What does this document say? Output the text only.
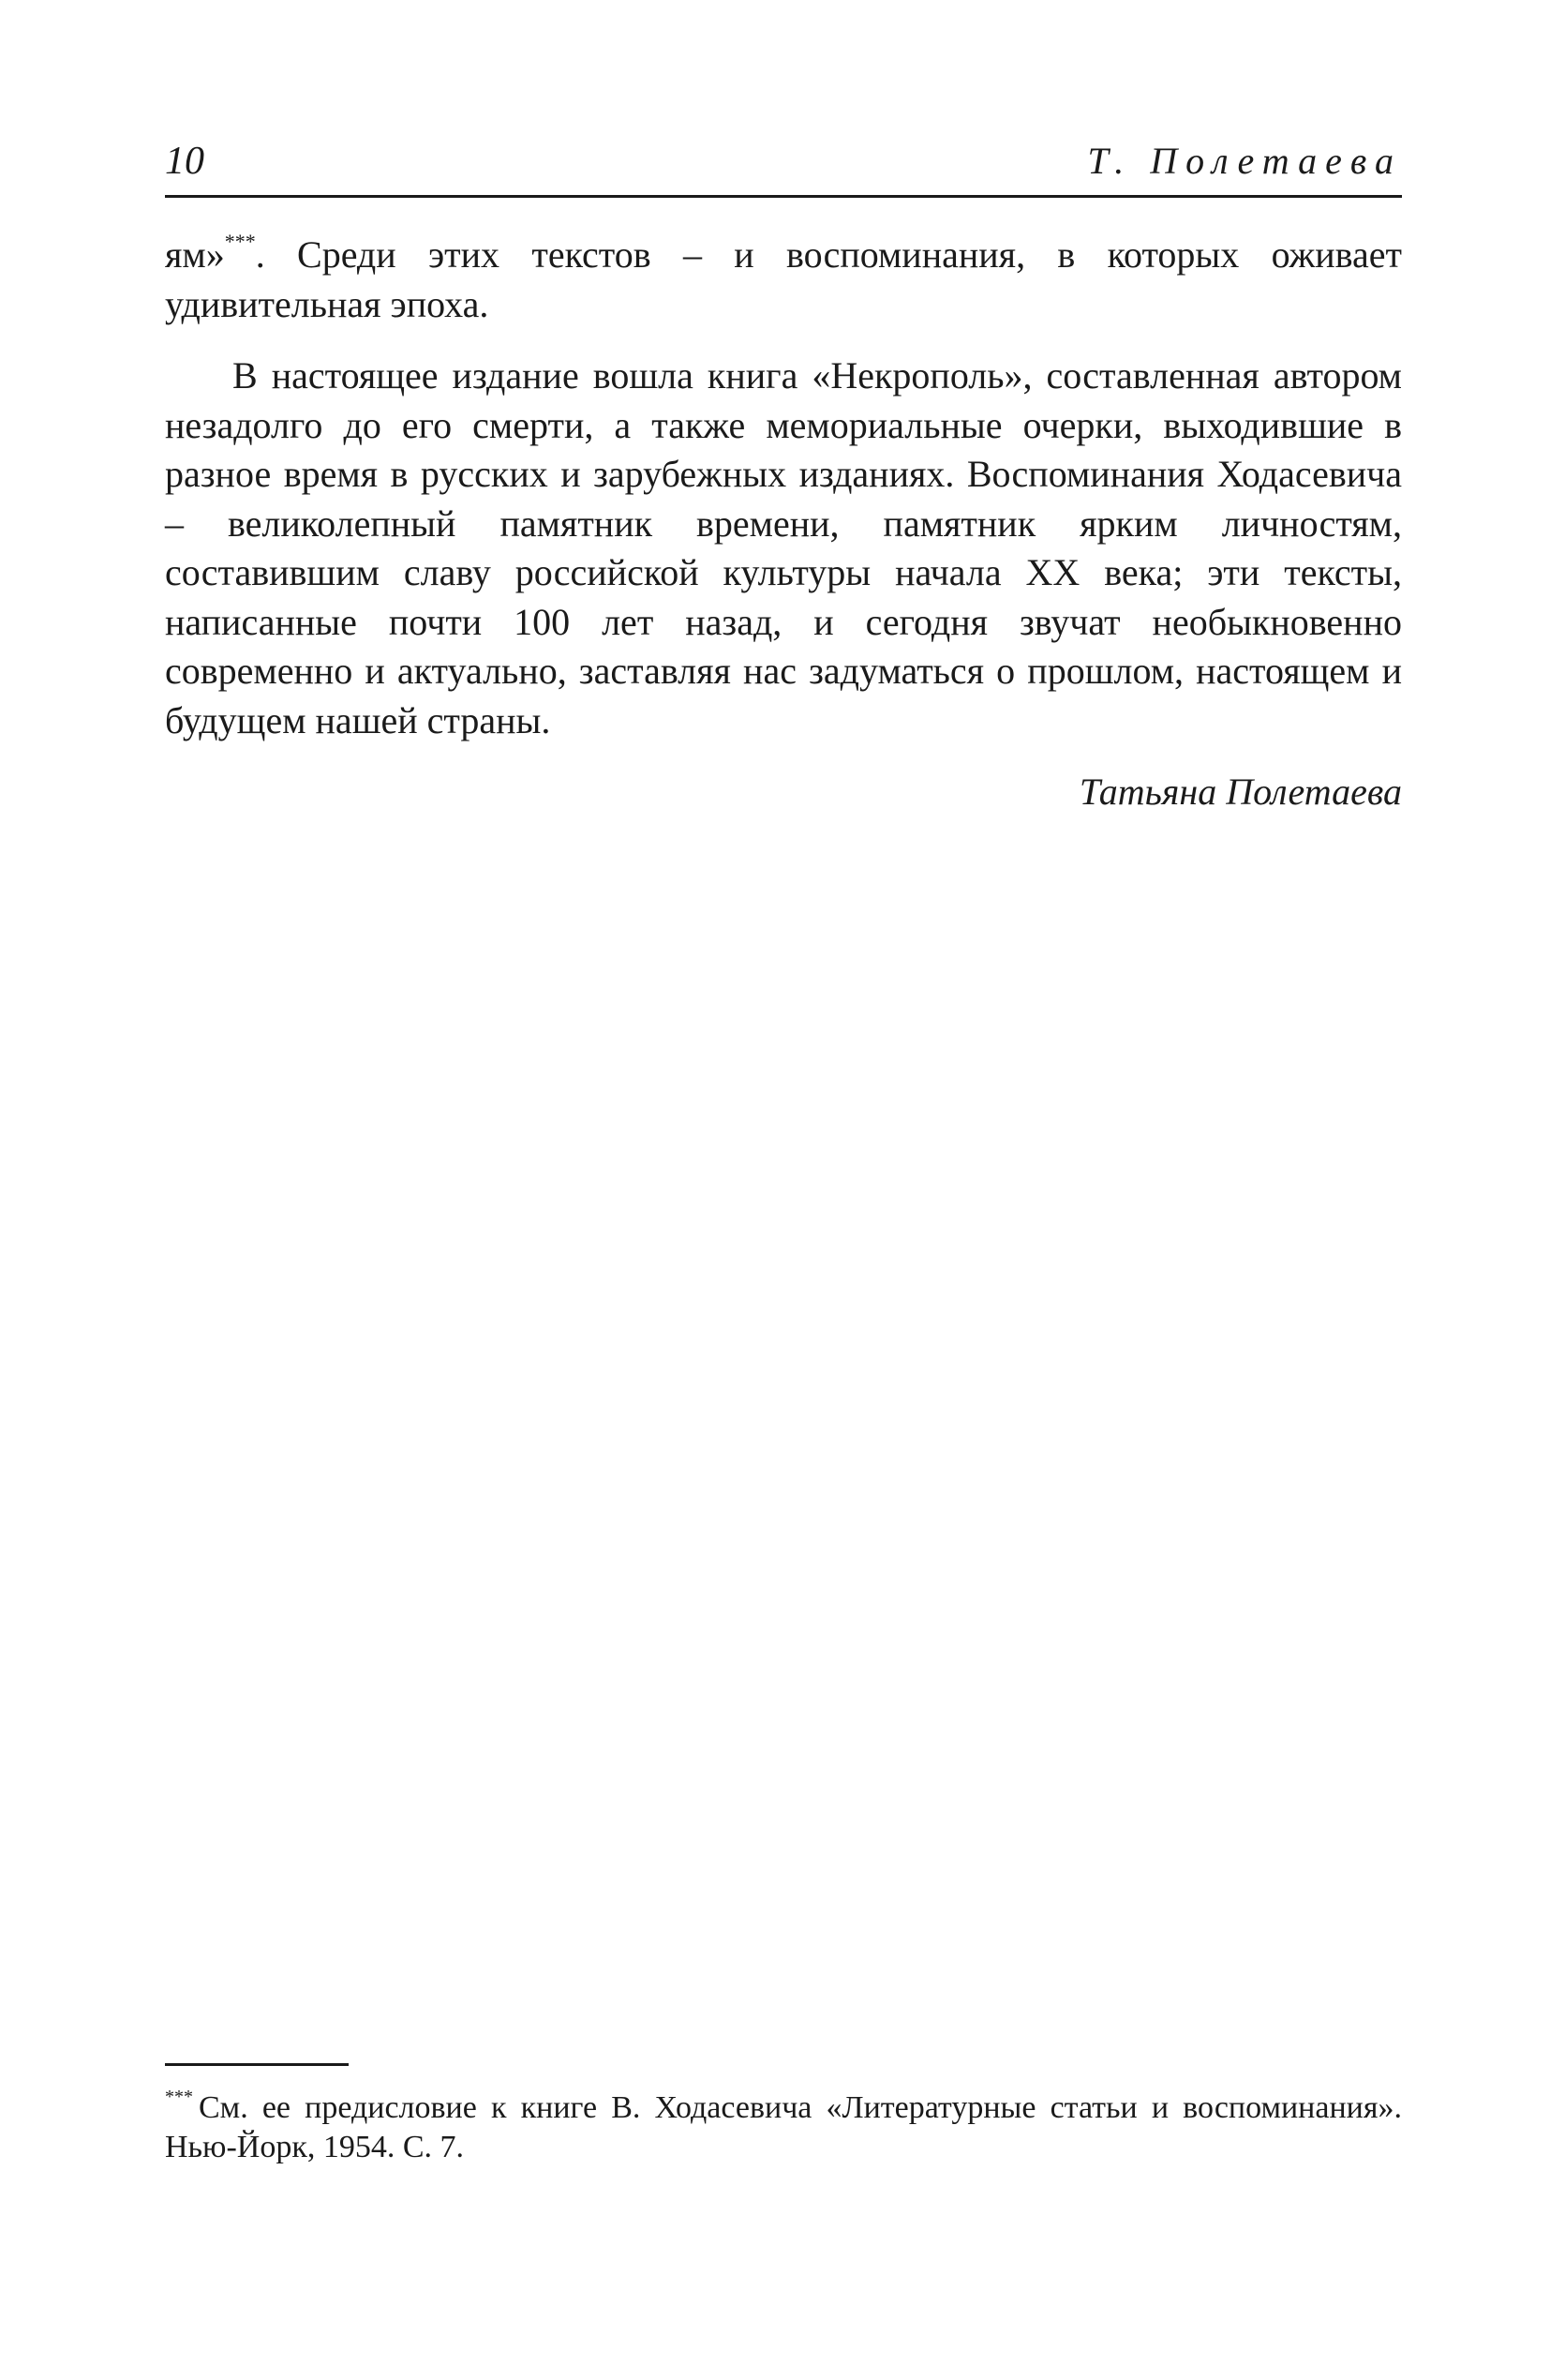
10	Т. Полетаева

ям»***. Среди этих текстов – и воспоминания, в которых оживает удивительная эпоха.

В настоящее издание вошла книга «Некрополь», составленная автором незадолго до его смерти, а также мемориальные очерки, выходившие в разное время в русских и зарубежных изданиях. Воспоминания Ходасевича – великолепный памятник времени, памятник ярким личностям, составившим славу российской культуры начала XX века; эти тексты, написанные почти 100 лет назад, и сегодня звучат необыкновенно современно и актуально, заставляя нас задуматься о прошлом, настоящем и будущем нашей страны.

Татьяна Полетаева

*** См. ее предисловие к книге В. Ходасевича «Литературные статьи и воспоминания». Нью-Йорк, 1954. С. 7.
